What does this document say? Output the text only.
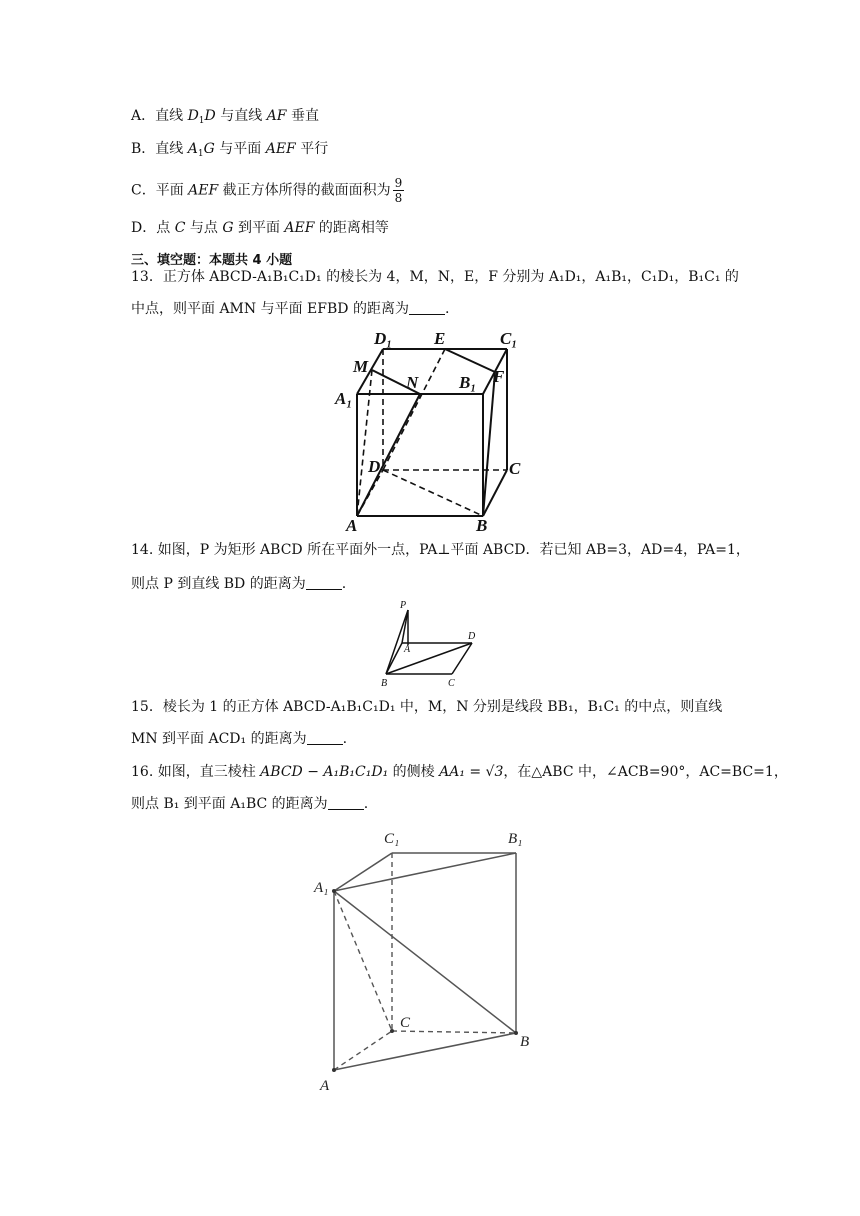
A．直线 $D_1D$ 与直线 AF 垂直
B．直线 $A_1G$ 与平面 AEF 平行
C．平面 AEF 截正方体所得的截面面积为 $\frac{9}{8}$
D．点 C 与点 G 到平面 AEF 的距离相等
三、填空题：本题共 4 小题
13．正方体 ABCD-A₁B₁C₁D₁ 的棱长为 4，M，N，E，F 分别为 A₁D₁，A₁B₁，C₁D₁，B₁C₁ 的
中点，则平面 AMN 与平面 EFBD 的距离为	.
D₁ E	C₁
M
N B₁ F
A₁
D	C
A	B
14. 如图，P 为矩形 ABCD 所在平面外一点，PA⊥平面 ABCD．若已知 AB=3，AD=4，PA=1，
则点 P 到直线 BD 的距离为	.
P
D
A
B	C
15．棱长为 1 的正方体 ABCD-A₁B₁C₁D₁ 中，M，N 分别是线段 BB₁，B₁C₁ 的中点，则直线
MN 到平面 ACD₁ 的距离为	.
16. 如图，直三棱柱 ABCD − A₁B₁C₁D₁ 的侧棱 AA₁ = √3，在△ABC 中，∠ACB=90°，AC=BC=1，
则点 B₁ 到平面 A₁BC 的距离为	.
C₁	B₁
A₁
C
B
A
